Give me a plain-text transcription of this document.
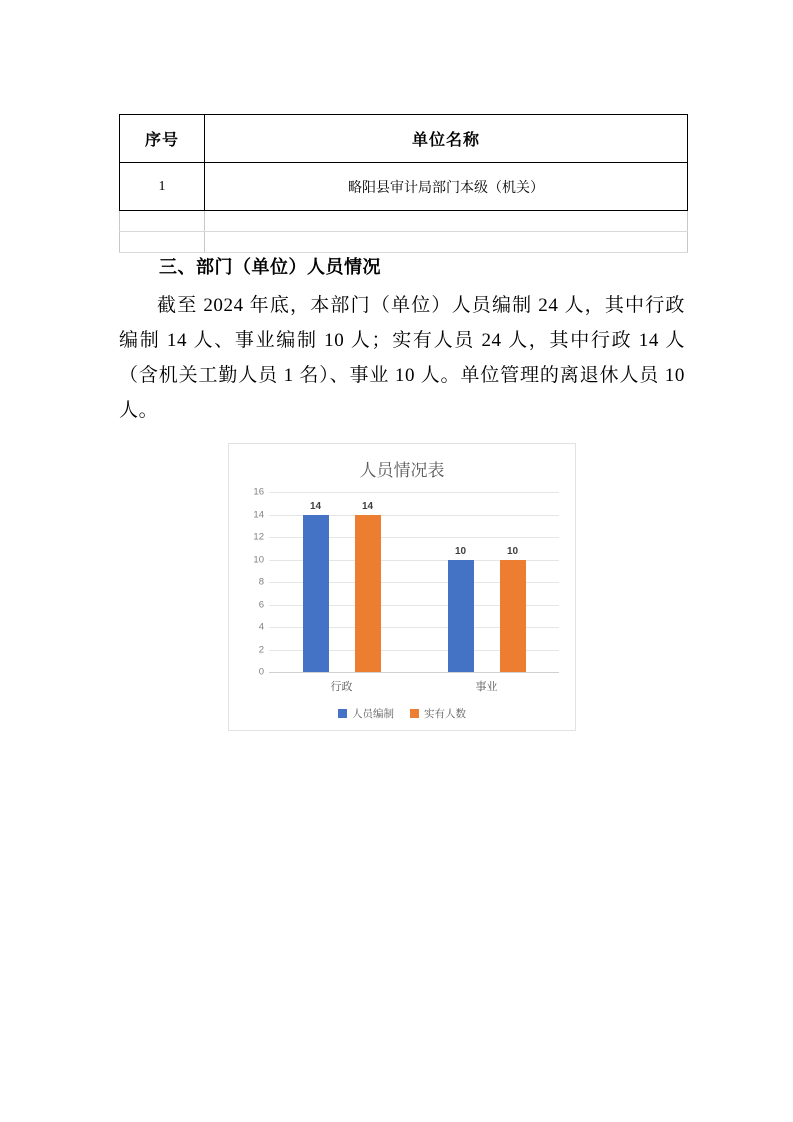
序号	单位名称
1	略阳县审计局部门本级（机关）

三、部门（单位）人员情况
截至 2024 年底，本部门（单位）人员编制 24 人，其中行政编制 14 人、事业编制 10 人；实有人员 24 人，其中行政 14 人（含机关工勤人员 1 名）、事业 10 人。单位管理的离退休人员 10 人。
人员情况表
0
2
4
6
8
10
12
14
16
14	14
10	10
行政	事业
人员编制	实有人数
